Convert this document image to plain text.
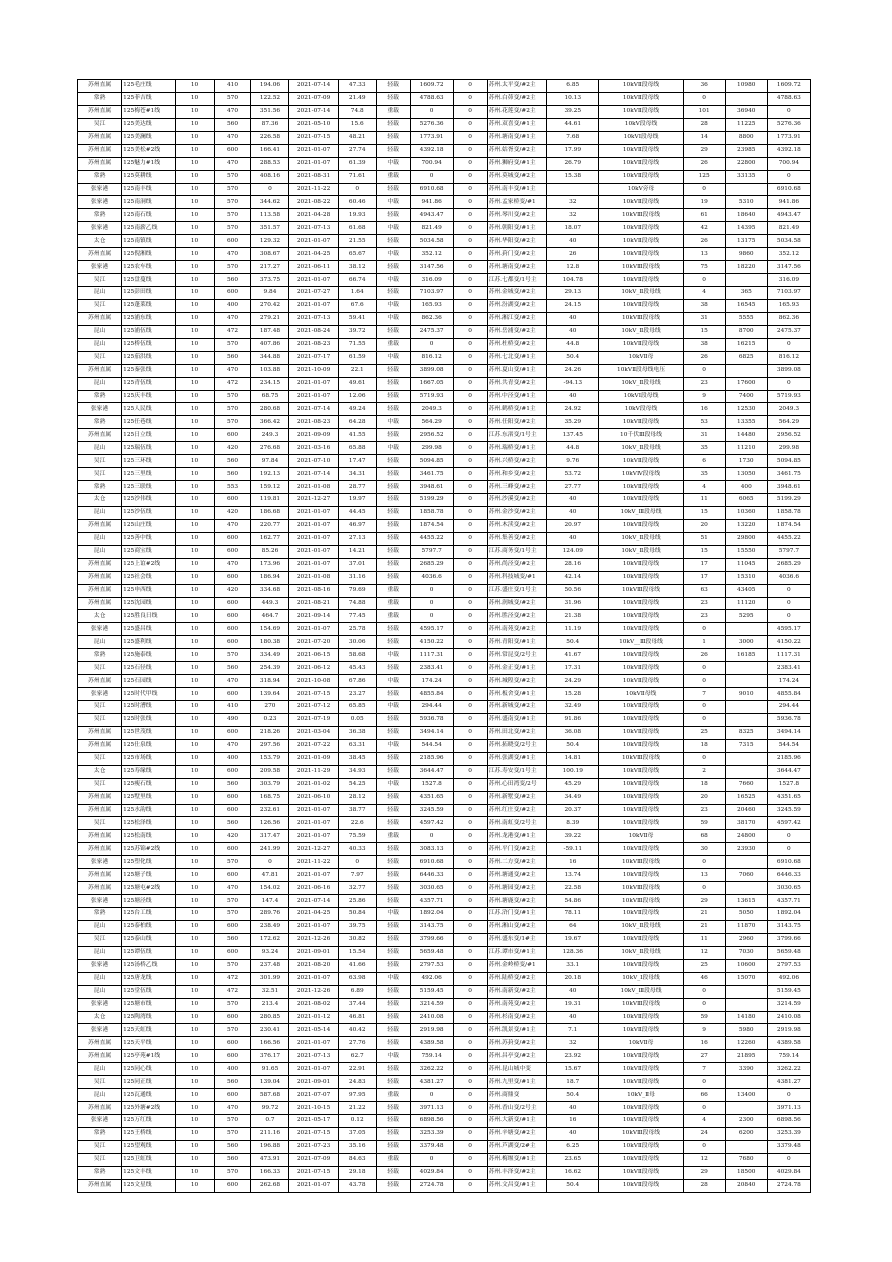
苏州直属	125毛庄线	10	410	194.06	2021-07-14	47.33	轻载	1609.72	0	苏州.太平变/#2主	6.85	10kVⅡ段母线	36	10980	1609.72
常熟	125菲吉线	10	570	122.52	2021-07-09	21.49	轻载	4788.63	0	苏州.白茆变/#2主	10.13	10kVⅡ段母线	0		4788.63
苏州直属	125梅苍#1线	10	470	351.56	2021-07-14	74.8	重载	0	0	苏州.花莲变/#2主	39.25	10kVⅡ段母线	101	36940	0
吴江	125美达线	10	560	87.36	2021-05-10	15.6	轻载	5276.36	0	苏州.双喜变/#1主	44.61	10kV段母线	28	11225	5276.36
苏州直属	125美澜线	10	470	226.58	2021-07-15	48.21	轻载	1773.91	0	苏州.塘南变/#1主	7.68	10kVⅠ段母线	14	8800	1773.91
苏州直属	125美松#2线	10	600	166.41	2021-01-07	27.74	轻载	4392.18	0	苏州.姑胥变/#2主	17.99	10kVⅡ段母线	29	23985	4392.18
苏州直属	125魅力#1线	10	470	288.53	2021-01-07	61.39	中载	700.94	0	苏州.狮府变/#1主	26.79	10kVⅡ段母线	26	22800	700.94
常熟	125莫耕线	10	570	408.16	2021-08-31	71.61	重载	0	0	苏州.莫城变/#2主	15.38	10kVⅡ段母线	125	33135	0
张家港	125南丰线	10	570	0	2021-11-22	0	轻载	6910.68	0	苏州.南丰变/#1主		10kV旁母	0		6910.68
张家港	125南洞线	10	570	344.62	2021-08-22	60.46	中载	941.86	0	苏州.孟家桥变/#1	32	10kVⅡ段母线	19	5310	941.86
常熟	125南石线	10	570	113.58	2021-04-28	19.93	轻载	4943.47	0	苏州.琴川变/#2主	32	10kVⅢ段母线	61	18640	4943.47
张家港	125南薪乙线	10	570	351.57	2021-07-13	61.68	中载	821.49	0	苏州.朝阳变/#1主	18.07	10kVⅡ段母线	42	14395	821.49
太仓	125南镇线	10	600	129.32	2021-01-07	21.55	轻载	5034.58	0	苏州.华阳变/#2主	40	10kVⅡ段母线	26	13175	5034.58
苏州直属	125倪湘线	10	470	308.67	2021-04-25	65.67	中载	352.12	0	苏州.葑门变/#2主	26	10kVⅡ段母线	13	9860	352.12
张家港	125农车线	10	570	217.27	2021-06-11	38.12	轻载	3147.56	0	苏州.塘南变/#2主	12.8	10kVⅢ段母线	75	18220	3147.56
吴江	125盘蔓线	10	560	373.75	2021-01-07	66.74	中载	316.09	0	江苏.七都变/1号主	104.78	10kVⅡ段母线	0		316.09
昆山	125彭田线	10	600	9.84	2021-07-27	1.64	轻载	7103.97	0	苏州.金城变/#2主	29.13	10kV_Ⅱ段母线	4	365	7103.97
吴江	125蓬莱线	10	400	270.42	2021-01-07	67.6	中载	165.93	0	苏州.汾湖变/#2主	24.15	10kVⅡ段母线	38	16545	165.93
苏州直属	125浦东线	10	470	279.21	2021-07-13	59.41	中载	862.36	0	苏州.湘江变/#2主	40	10kVⅢ段母线	31	5555	862.36
昆山	125浦伍线	10	472	187.48	2021-08-24	39.72	轻载	2475.37	0	苏州.岳浦变/#2主	40	10kV_Ⅱ段母线	15	8700	2475.37
昆山	125桥伍线	10	570	407.86	2021-08-23	71.55	重载	0	0	苏州.杜桥变/#2主	44.8	10kVⅡ段母线	38	16215	0
吴江	125茄洪线	10	560	344.88	2021-07-17	61.59	中载	816.12	0	苏州.七北变/#1主	50.4	10kVⅡ母	26	6825	816.12
苏州直属	125秦张线	10	470	103.88	2021-10-09	22.1	轻载	3899.08	0	苏州.夏山变/#1主	24.26	10kVⅡ段母线电压	0		3899.08
昆山	125青伍线	10	472	234.15	2021-01-07	49.61	轻载	1667.05	0	苏州.共青变/#2主	-94.13	10kV_Ⅱ段母线	23	17600	0
常熟	125庆丰线	10	570	68.75	2021-01-07	12.06	轻载	5719.93	0	苏州.中泾变/#1主	40	10kVⅠ段母线	9	7400	5719.93
张家港	125人民线	10	570	280.68	2021-07-14	49.24	轻载	2049.3	0	苏州.鹤桥变/#1主	24.92	10kV段母线	16	12530	2049.3
常熟	125任巷线	10	570	366.42	2021-08-23	64.28	中载	564.29	0	苏州.任阳变/#2主	35.29	10kVⅡ段母线	53	13355	564.29
苏州直属	125日立线	10	600	249.3	2021-09-09	41.55	轻载	2956.52	0	江苏.东渚变/1号主	137.45	10千伏Ⅲ段母线	31	14480	2956.52
昆山	125瑞伍线	10	420	276.68	2021-03-16	65.88	中载	299.98	0	苏州.瑞桥变/#1主	44.8	10kV_Ⅱ段母线	35	11210	299.98
吴江	125三环线	10	560	97.84	2021-07-10	17.47	轻载	5094.85	0	苏州.兴桥变/#2主	9.76	10kVⅡ段母线	6	1730	5094.85
吴江	125三里线	10	560	192.13	2021-07-14	34.31	轻载	3461.75	0	苏州.和乡变/#2主	53.72	10kVⅣ段母线	35	13050	3461.75
常熟	125三联线	10	553	159.12	2021-01-08	28.77	轻载	3948.61	0	苏州.三峰变/#2主	27.77	10kVⅡ段母线	4	400	3948.61
太仓	125沙伟线	10	600	119.81	2021-12-27	19.97	轻载	5199.29	0	苏州.沙溪变/#2主	40	10kVⅡ段母线	11	6065	5199.29
昆山	125沙伍线	10	420	186.68	2021-01-07	44.45	轻载	1858.78	0	苏州.金沙变/#2主	40	10kV_Ⅲ段母线	15	10360	1858.78
苏州直属	125山庄线	10	470	220.77	2021-01-07	46.97	轻载	1874.54	0	苏州.木渎变/#2主	20.97	10kVⅡ段母线	20	13220	1874.54
昆山	125善中线	10	600	162.77	2021-01-07	27.13	轻载	4455.22	0	苏州.集善变/#2主	40	10kV_Ⅱ段母线	51	29800	4455.22
昆山	125商宝线	10	600	85.26	2021-01-07	14.21	轻载	5797.7	0	江苏.商务变/1号主	124.09	10kV_Ⅱ段母线	15	15550	5797.7
苏州直属	125上谊#2线	10	470	173.96	2021-01-07	37.01	轻载	2685.29	0	苏州.尚泾变/#2主	28.16	10kVⅡ段母线	17	11045	2685.29
苏州直属	125社会线	10	600	186.94	2021-01-08	31.16	轻载	4036.6	0	苏州.科技城变/#1	42.14	10kVⅡ段母线	17	15310	4036.6
苏州直属	125申西线	10	420	334.68	2021-08-16	79.69	重载	0	0	江苏.盛庄变/1号主	50.56	10kVⅢ段母线	63	43405	0
苏州直属	125沈园线	10	600	449.3	2021-08-21	74.88	重载	0	0	苏州.润城变/#2主	31.96	10kVⅡ段母线	23	11120	0
太仓	125胜良日线	10	600	464.7	2021-09-14	77.45	重载	0	0	苏州.胜泾变/#2主	21.38	10kVⅡ段母线	23	5295	0
张家港	125盛昌线	10	600	154.69	2021-01-07	25.78	轻载	4595.17	0	苏州.南苑变/#2主	11.19	10kVⅡ段母线	0		4595.17
昆山	125盛利线	10	600	180.38	2021-07-20	30.06	轻载	4150.22	0	苏州.青阳变/#1主	50.4	10kV__Ⅲ段母线	1	3000	4150.22
常熟	125施泰线	10	570	334.49	2021-06-15	58.68	中载	1117.31	0	苏州.常昆变/2号主	41.67	10kVⅡ段母线	26	16185	1117.31
吴江	125石径线	10	560	254.39	2021-06-12	45.43	轻载	2383.41	0	苏州.金正变/#1主	17.31	10kVⅡ段母线	0		2383.41
苏州直属	125石园线	10	470	318.94	2021-10-08	67.86	中载	174.24	0	苏州.城隍变/#2主	24.29	10kVⅡ段母线	0		174.24
张家港	125时代甲线	10	600	139.64	2021-07-15	23.27	轻载	4855.84	0	苏州.板舍变/#1主	15.28	10kVⅡ母线	7	9010	4855.84
吴江	125时漕线	10	410	270	2021-07-12	65.85	中载	294.44	0	苏州.新城变/#2主	32.49	10kVⅡ段母线	0		294.44
吴江	125时张线	10	490	0.23	2021-07-19	0.05	轻载	5936.78	0	苏州.盛南变/#1主	91.86	10kVⅡ段母线	0		5936.78
苏州直属	125世茂线	10	600	218.26	2021-03-04	36.38	轻载	3494.14	0	苏州.田北变/#2主	36.08	10kVⅡ段母线	25	8325	3494.14
苏州直属	125仕泉线	10	470	297.56	2021-07-22	63.31	中载	544.54	0	苏州.拓晓变/2号主	50.4	10kVⅡ段母线	18	7315	544.54
吴江	125市场线	10	400	153.79	2021-01-09	38.45	轻载	2185.96	0	苏州.张湖变/#1主	14.81	10kVⅢ段母线	0		2185.96
太仓	125寿缘线	10	600	209.58	2021-11-29	34.93	轻载	3644.47	0	江苏.寿安变/1号主	100.19	10kVⅡ段母线	2		3644.47
吴江	125瘦石线	10	560	303.79	2021-01-02	54.25	中载	1527.8	0	苏州.心田湾变/2号	45.29	10kVⅡ段母线	18	7660	1527.8
苏州直属	125墅里线	10	600	168.75	2021-06-10	28.12	轻载	4351.65	0	苏州.新墅变/#2主	34.49	10kVⅡ段母线	20	16525	4351.65
苏州直属	125水韵线	10	600	232.61	2021-01-07	38.77	轻载	3245.59	0	苏州.红庄变/#2主	20.37	10kVⅡ段母线	23	20460	3245.59
吴江	125松泽线	10	560	126.56	2021-01-07	22.6	轻载	4597.42	0	苏州.南虹变/2号主	8.39	10kVⅡ段母线	59	38170	4597.42
苏州直属	125松南线	10	420	317.47	2021-01-07	75.59	重载	0	0	苏州.龙港变/#1主	39.22	10kVⅡ母	68	24800	0
苏州直属	125苏锦#2线	10	600	241.99	2021-12-27	40.33	轻载	3083.13	0	苏州.平门变/#2主	-59.11	10kVⅡ段母线	30	23930	0
张家港	125塑化线	10	570	0	2021-11-22	0	轻载	6910.68	0	苏州.二方变/#2主	16	10kVⅢ段母线	0		6910.68
苏州直属	125塘子线	10	600	47.81	2021-01-07	7.97	轻载	6446.33	0	苏州.塘通变/#2主	13.74	10kVⅡ段母线	13	7060	6446.33
苏州直属	125塘屯#2线	10	470	154.02	2021-06-16	32.77	轻载	3030.65	0	苏州.塘园变/#2主	22.58	10kVⅢ段母线	0		3030.65
张家港	125塘泾线	10	570	147.4	2021-07-14	25.86	轻载	4357.71	0	苏州.塘鹿变/#2主	54.86	10kVⅢ段母线	29	13615	4357.71
常熟	125台工线	10	570	289.76	2021-04-25	50.84	中载	1892.04	0	江苏.浒门变/#1主	78.11	10kVⅡ段母线	21	5050	1892.04
昆山	125泰柏线	10	600	238.49	2021-01-07	39.75	轻载	3143.75	0	苏州.湘山变/#2主	64	10kV_Ⅱ段母线	21	11870	3143.75
吴江	125泰山线	10	560	172.62	2021-12-26	30.82	轻载	3799.66	0	苏州.盛东变/1#主	19.67	10kVⅡ段母线	11	2960	3799.66
昆山	125谭伍线	10	600	93.24	2021-09-01	15.54	轻载	5659.48	0	江苏.谭市变/#1主	128.36	10kV_Ⅱ段母线	12	7030	5659.48
张家港	125汤桥乙线	10	570	237.48	2021-08-20	41.66	轻载	2797.53	0	苏州.金岭桥变/#1	33.1	10kVⅡ段母线	25	10600	2797.53
昆山	125唐龙线	10	472	301.99	2021-01-07	63.98	中载	492.06	0	苏州.陆桥变/#2主	20.18	10kV_Ⅰ段母线	46	15070	492.06
昆山	125堂伍线	10	472	32.51	2021-12-26	6.89	轻载	5159.45	0	苏州.南新变/#2主	40	10kV_Ⅲ段母线	0		5159.45
张家港	125塘市线	10	570	213.4	2021-08-02	37.44	轻载	3214.59	0	苏州.南苑变/#2主	19.31	10kVⅢ段母线	0		3214.59
太仓	125陶湾线	10	600	280.85	2021-01-12	46.81	轻载	2410.08	0	苏州.杉南变/#2主	40	10kVⅡ段母线	59	14180	2410.08
张家港	125天虹线	10	570	230.41	2021-05-14	40.42	轻载	2919.98	0	苏州.凯景变/#1主	7.1	10kVⅡ段母线	9	5980	2919.98
苏州直属	125天平线	10	600	166.56	2021-01-07	27.76	轻载	4389.58	0	苏州.苏葑变/#2主	32	10kVⅡ母	16	12260	4389.58
苏州直属	125亭苑#1线	10	600	376.17	2021-07-13	62.7	中载	759.14	0	苏州.昌亭变/#2主	23.92	10kVⅡ段母线	27	21895	759.14
昆山	125同心线	10	400	91.65	2021-01-07	22.91	轻载	3262.22	0	苏州.昆山城中变	15.67	10kVⅡ段母线	7	3390	3262.22
吴江	125同正线	10	560	139.04	2021-09-01	24.83	轻载	4381.27	0	苏州.九里变/#1主	18.7	10kVⅡ段母线	0		4381.27
昆山	125瓦通线	10	600	587.68	2021-07-07	97.95	重载	0	0	苏州.商鼎变	50.4	10kV_Ⅱ母	66	13400	0
苏州直属	125外塘#2线	10	470	99.72	2021-10-15	21.22	轻载	3971.13	0	苏州.香山变/2号主	40	10kVⅡ段母线	0		3971.13
张家港	125万红线	10	570	0.7	2021-05-17	0.12	轻载	6898.56	0	苏州.大新变/#1主	16	10kVⅡ段母线	4	2300	6898.56
常熟	125王桥线	10	570	211.16	2021-07-15	37.05	轻载	3253.39	0	苏州.辛塘变/#2主	40	10kVⅢ段母线	24	6200	3253.39
吴江	125望观线	10	560	196.88	2021-07-23	35.16	轻载	3379.48	0	苏州.芦湖变/2#主	6.25	10kVⅡ段母线	0		3379.48
吴江	125卫虹线	10	560	473.91	2021-07-09	84.63	重载	0	0	苏州.梅堰变/#1主	23.65	10kVⅡ段母线	12	7680	0
常熟	125文丰线	10	570	166.33	2021-07-15	29.18	轻载	4029.84	0	苏州.丰泽变/#2主	16.62	10kVⅡ段母线	29	18500	4029.84
苏州直属	125文星线	10	600	262.68	2021-01-07	43.78	轻载	2724.78	0	苏州.文昌变/#1主	50.4	10kVⅡ段母线	28	20840	2724.78
